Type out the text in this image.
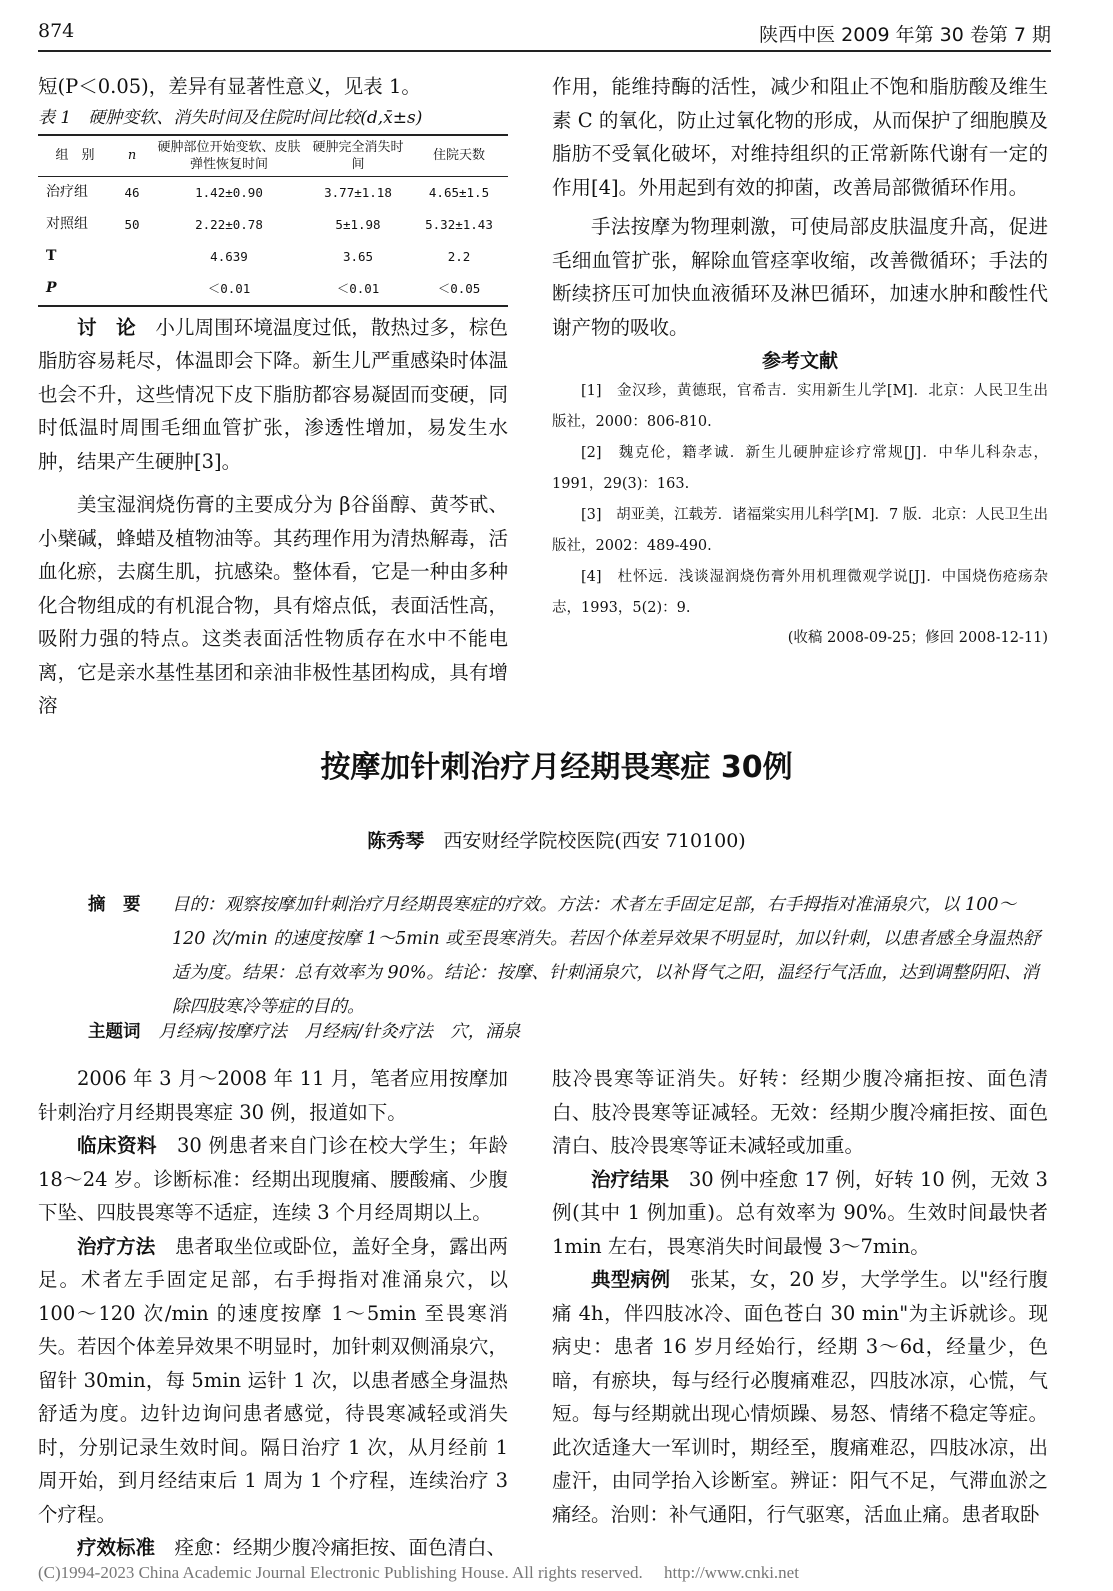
874	陕西中医 2009 年第 30 卷第 7 期

短(P＜0.05)，差异有显著性意义，见表 1。

表 1　硬肿变软、消失时间及住院时间比较(d,x̄±s)
组　别	n	硬肿部位开始变软、皮肤弹性恢复时间	硬肿完全消失时间	住院天数
治疗组	46	1.42±0.90	3.77±1.18	4.65±1.5
对照组	50	2.22±0.78	5±1.98	5.32±1.43
T		4.639	3.65	2.2
P		＜0.01	＜0.01	＜0.05

讨　论　 小儿周围环境温度过低，散热过多，棕色脂肪容易耗尽，体温即会下降。新生儿严重感染时体温也会不升，这些情况下皮下脂肪都容易凝固而变硬，同时低温时周围毛细血管扩张，渗透性增加，易发生水肿，结果产生硬肿[3]。

美宝湿润烧伤膏的主要成分为 β谷甾醇、黄芩甙、小檗碱，蜂蜡及植物油等。其药理作用为清热解毒，活血化瘀，去腐生肌，抗感染。整体看，它是一种由多种化合物组成的有机混合物，具有熔点低，表面活性高，吸附力强的特点。这类表面活性物质存在水中不能电离，它是亲水基性基团和亲油非极性基团构成，具有增溶

作用，能维持酶的活性，减少和阻止不饱和脂肪酸及维生素 C 的氧化，防止过氧化物的形成，从而保护了细胞膜及脂肪不受氧化破坏，对维持组织的正常新陈代谢有一定的作用[4]。外用起到有效的抑菌，改善局部微循环作用。

手法按摩为物理刺激，可使局部皮肤温度升高，促进毛细血管扩张，解除血管痉挛收缩，改善微循环；手法的断续挤压可加快血液循环及淋巴循环，加速水肿和酸性代谢产物的吸收。

参考文献

[1]　金汉珍，黄德珉，官希吉．实用新生儿学[M]．北京：人民卫生出版社，2000：806-810.

[2]　魏克伦，籍孝诚．新生儿硬肿症诊疗常规[J]．中华儿科杂志，1991，29(3)：163.

[3]　胡亚美，江载芳．诸福棠实用儿科学[M]．7 版．北京：人民卫生出版社，2002：489-490.

[4]　杜怀远．浅谈湿润烧伤膏外用机理微观学说[J]．中国烧伤疮疡杂志，1993，5(2)：9.

(收稿 2008-09-25；修回 2008-12-11)
按摩加针刺治疗月经期畏寒症 30例
陈秀琴　 西安财经学院校医院(西安 710100)
摘　要	目的：观察按摩加针刺治疗月经期畏寒症的疗效。方法：术者左手固定足部，右手拇指对准涌泉穴，以 100～120 次/min 的速度按摩 1～5min 或至畏寒消失。若因个体差异效果不明显时，加以针刺，以患者感全身温热舒适为度。结果：总有效率为 90%。结论：按摩、针刺涌泉穴，以补肾气之阳，温经行气活血，达到调整阴阳、消除四肢寒冷等症的目的。
主题词 月经病/按摩疗法　月经病/针灸疗法　穴，涌泉

2006 年 3 月～2008 年 11 月，笔者应用按摩加针刺治疗月经期畏寒症 30 例，报道如下。

临床资料　 30 例患者来自门诊在校大学生；年龄 18～24 岁。诊断标准：经期出现腹痛、腰酸痛、少腹下坠、四肢畏寒等不适症，连续 3 个月经周期以上。

治疗方法　 患者取坐位或卧位，盖好全身，露出两足。术者左手固定足部，右手拇指对准涌泉穴，以 100～120 次/min 的速度按摩 1～5min 至畏寒消失。若因个体差异效果不明显时，加针刺双侧涌泉穴，留针 30min，每 5min 运针 1 次，以患者感全身温热舒适为度。边针边询问患者感觉，待畏寒减轻或消失时，分别记录生效时间。隔日治疗 1 次，从月经前 1 周开始，到月经结束后 1 周为 1 个疗程，连续治疗 3 个疗程。

疗效标准　 痊愈：经期少腹冷痛拒按、面色清白、

肢冷畏寒等证消失。好转：经期少腹冷痛拒按、面色清白、肢冷畏寒等证减轻。无效：经期少腹冷痛拒按、面色清白、肢冷畏寒等证未减轻或加重。

治疗结果　 30 例中痊愈 17 例，好转 10 例，无效 3 例(其中 1 例加重)。总有效率为 90%。生效时间最快者 1min 左右，畏寒消失时间最慢 3～7min。

典型病例　 张某，女，20 岁，大学学生。以"经行腹痛 4h，伴四肢冰冷、面色苍白 30 min"为主诉就诊。现病史：患者 16 岁月经始行，经期 3～6d，经量少，色暗，有瘀块，每与经行必腹痛难忍，四肢冰凉，心慌，气短。每与经期就出现心情烦躁、易怒、情绪不稳定等症。此次适逢大一军训时，期经至，腹痛难忍，四肢冰凉，出虚汗，由同学抬入诊断室。辨证：阳气不足，气滞血淤之痛经。治则：补气通阳，行气驱寒，活血止痛。患者取卧

(C)1994-2023 China Academic Journal Electronic Publishing House. All rights reserved.　 http://www.cnki.net
